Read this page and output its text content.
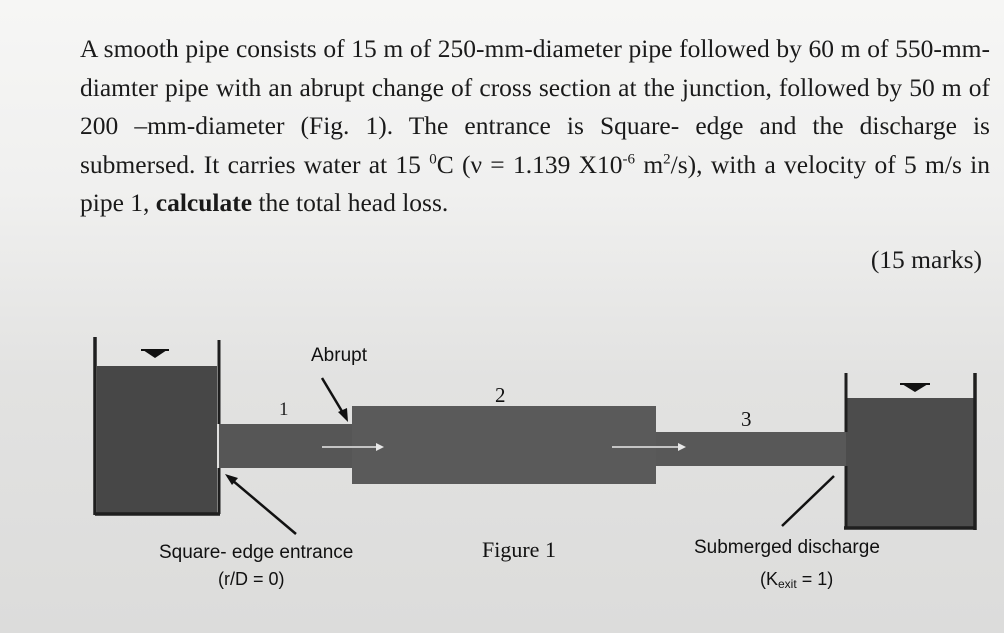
A smooth pipe consists of 15 m of 250-mm-diameter pipe followed by 60 m of 550-mm-diamter pipe with an abrupt change of cross section at the junction, followed by 50 m of 200 –mm-diameter (Fig. 1). The entrance is Square- edge and the discharge is submersed. It carries water at 15 $^0$C (ν = 1.139 $X10^{-6}$ $m^2/s$), with a velocity of 5 m/s in pipe 1, calculate the total head loss.
(15 marks)
Abrupt
1
2
3
Square- edge entrance
(r/D = 0)
Figure 1	Submerged discharge
(Kexit = 1)
